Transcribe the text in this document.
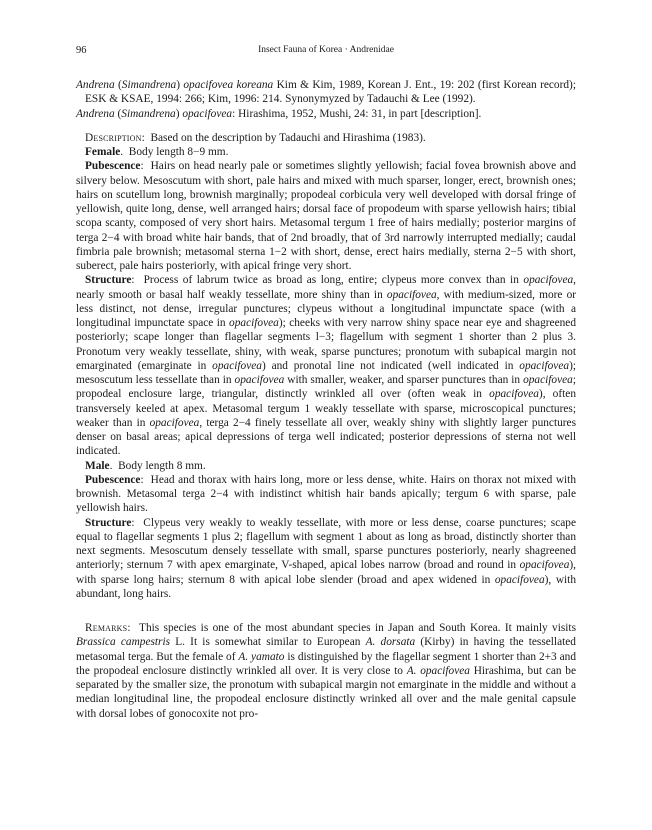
96	Insect Fauna of Korea · Andrenidae

Andrena (Simandrena) opacifovea koreana Kim & Kim, 1989, Korean J. Ent., 19: 202 (first Korean record); ESK & KSAE, 1994: 266; Kim, 1996: 214. Synonymyzed by Tadauchi & Lee (1992).

Andrena (Simandrena) opacifovea: Hirashima, 1952, Mushi, 24: 31, in part [description].

Description:  Based on the description by Tadauchi and Hirashima (1983).

Female.  Body length 8−9 mm.

Pubescence:  Hairs on head nearly pale or sometimes slightly yellowish; facial fovea brownish above and silvery below. Mesoscutum with short, pale hairs and mixed with much sparser, longer, erect, brownish ones; hairs on scutellum long, brownish marginally; propodeal corbicula very well developed with dorsal fringe of yellowish, quite long, dense, well arranged hairs; dorsal face of propodeum with sparse yellowish hairs; tibial scopa scanty, composed of very short hairs. Metasomal tergum 1 free of hairs medially; posterior margins of terga 2−4 with broad white hair bands, that of 2nd broadly, that of 3rd narrowly interrupted medially; caudal fimbria pale brownish; metasomal sterna 1−2 with short, dense, erect hairs medially, sterna 2−5 with short, suberect, pale hairs posteriorly, with apical fringe very short.

Structure:  Process of labrum twice as broad as long, entire; clypeus more convex than in opacifovea, nearly smooth or basal half weakly tessellate, more shiny than in opacifovea, with medium-sized, more or less distinct, not dense, irregular punctures; clypeus without a longitudinal impunctate space (with a longitudinal impunctate space in opacifovea); cheeks with very narrow shiny space near eye and shagreened posteriorly; scape longer than flagellar segments l−3; flagellum with segment 1 shorter than 2 plus 3. Pronotum very weakly tessellate, shiny, with weak, sparse punctures; pronotum with subapical margin not emarginated (emarginate in opacifovea) and pronotal line not indicated (well indicated in opacifovea); mesoscutum less tessellate than in opacifovea with smaller, weaker, and sparser punctures than in opacifovea; propodeal enclosure large, triangular, distinctly wrinkled all over (often weak in opacifovea), often transversely keeled at apex. Metasomal tergum 1 weakly tessellate with sparse, microscopical punctures; weaker than in opacifovea, terga 2−4 finely tessellate all over, weakly shiny with slightly larger punctures denser on basal areas; apical depressions of terga well indicated; posterior depressions of sterna not well indicated.

Male.  Body length 8 mm.

Pubescence:  Head and thorax with hairs long, more or less dense, white. Hairs on thorax not mixed with brownish. Metasomal terga 2−4 with indistinct whitish hair bands apically; tergum 6 with sparse, pale yellowish hairs.

Structure:  Clypeus very weakly to weakly tessellate, with more or less dense, coarse punctures; scape equal to flagellar segments 1 plus 2; flagellum with segment 1 about as long as broad, distinctly shorter than next segments. Mesoscutum densely tessellate with small, sparse punctures posteriorly, nearly shagreened anteriorly; sternum 7 with apex emarginate, V-shaped, apical lobes narrow (broad and round in opacifovea), with sparse long hairs; sternum 8 with apical lobe slender (broad and apex widened in opacifovea), with abundant, long hairs.

Remarks:  This species is one of the most abundant species in Japan and South Korea. It mainly visits Brassica campestris L. It is somewhat similar to European A. dorsata (Kirby) in having the tessellated metasomal terga. But the female of A. yamato is distinguished by the flagellar segment 1 shorter than 2+3 and the propodeal enclosure distinctly wrinkled all over. It is very close to A. opacifovea Hirashima, but can be separated by the smaller size, the pronotum with subapical margin not emarginate in the middle and without a median longitudinal line, the propodeal enclosure distinctly wrinked all over and the male genital capsule with dorsal lobes of gonocoxite not pro-
